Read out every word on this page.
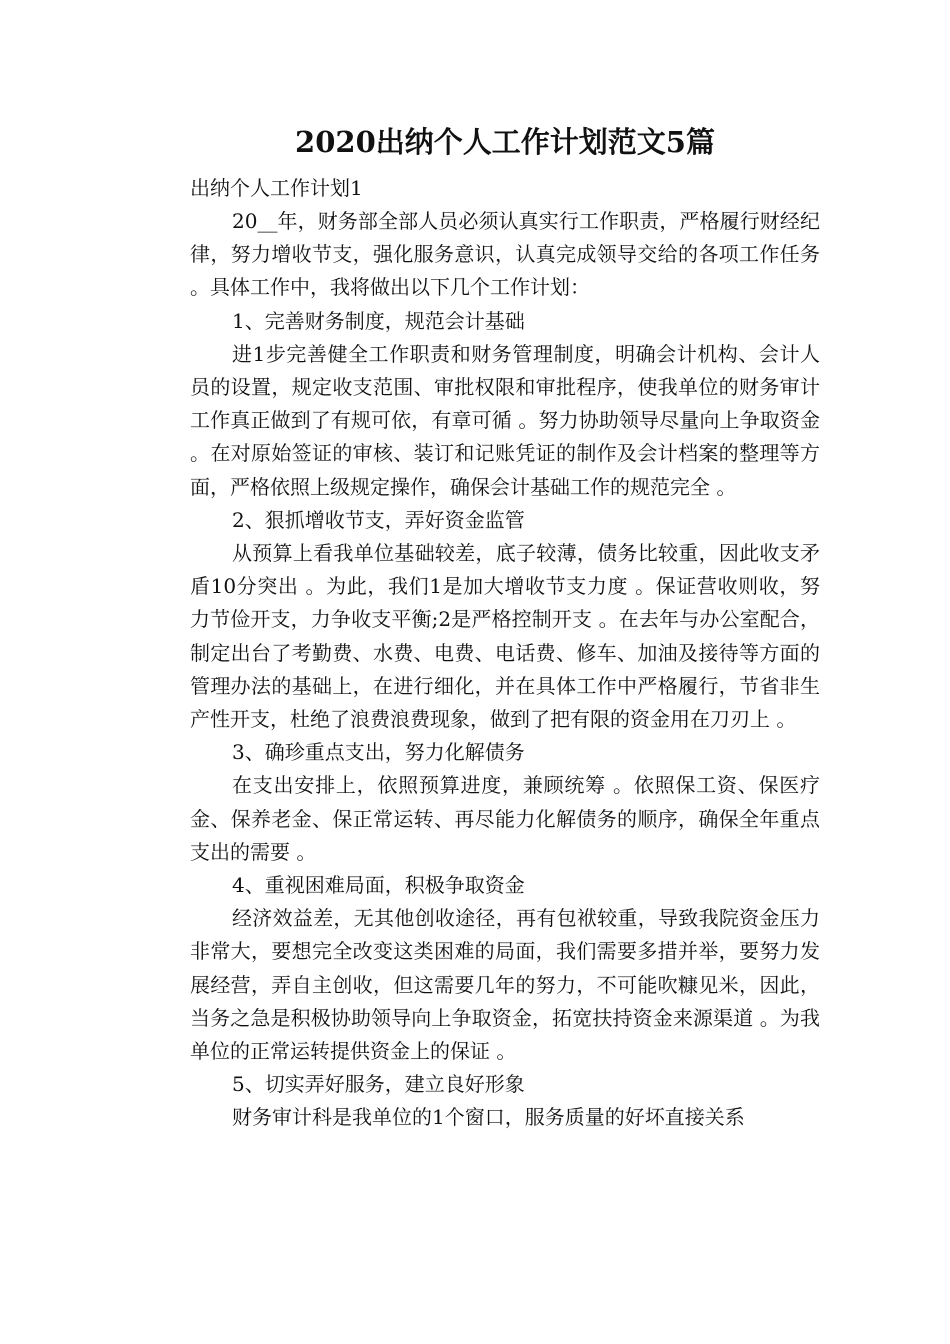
2020出纳个人工作计划范文5篇

出纳个人工作计划1

20__年，财务部全部人员必须认真实行工作职责，严格履行财经纪律，努力增收节支，强化服务意识，认真完成领导交给的各项工作任务 。具体工作中，我将做出以下几个工作计划：

1、完善财务制度，规范会计基础

进1步完善健全工作职责和财务管理制度，明确会计机构、会计人员的设置，规定收支范围、审批权限和审批程序，使我单位的财务审计工作真正做到了有规可依，有章可循 。努力协助领导尽量向上争取资金 。在对原始签证的审核、装订和记账凭证的制作及会计档案的整理等方面，严格依照上级规定操作，确保会计基础工作的规范完全 。

2、狠抓增收节支，弄好资金监管

从预算上看我单位基础较差，底子较薄，债务比较重，因此收支矛盾10分突出 。为此，我们1是加大增收节支力度 。保证营收则收，努力节俭开支，力争收支平衡;2是严格控制开支 。在去年与办公室配合，制定出台了考勤费、水费、电费、电话费、修车、加油及接待等方面的管理办法的基础上，在进行细化，并在具体工作中严格履行，节省非生产性开支，杜绝了浪费浪费现象，做到了把有限的资金用在刀刃上 。

3、确珍重点支出，努力化解债务

在支出安排上，依照预算进度，兼顾统筹 。依照保工资、保医疗金、保养老金、保正常运转、再尽能力化解债务的顺序，确保全年重点支出的需要 。

4、重视困难局面，积极争取资金

经济效益差，无其他创收途径，再有包袱较重，导致我院资金压力非常大，要想完全改变这类困难的局面，我们需要多措并举，要努力发展经营，弄自主创收，但这需要几年的努力，不可能吹糠见米，因此，当务之急是积极协助领导向上争取资金，拓宽扶持资金来源渠道 。为我单位的正常运转提供资金上的保证 。

5、切实弄好服务，建立良好形象

财务审计科是我单位的1个窗口，服务质量的好坏直接关系
